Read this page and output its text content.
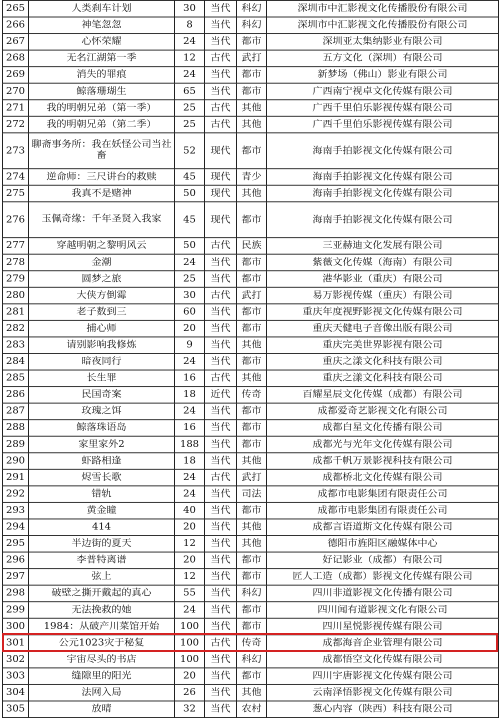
265	人类刹车计划	30	当代	科幻	深圳市中汇影视文化传播股份有限公司
266	神笔忽忽	8	当代	科幻	深圳市中汇影视文化传播股份有限公司
267	心怀荣耀	24	当代	都市	深圳亚太集纳影业有限公司
268	无名江湖第一季	12	古代	武打	五方文化（深圳）有限公司
269	消失的罪痕	24	当代	都市	新梦场（佛山）影业有限公司
270	鲸落珊瑚生	65	当代	都市	广西南宁视卓文化传媒有限公司
271	我的明朝兄弟（第一季）	25	古代	其他	广西千里伯乐影视传媒有限公司
272	我的明朝兄弟（第二季）	25	古代	其他	广西千里伯乐影视传媒有限公司
273	聊斋事务所：我在妖怪公司当社畜	52	现代	都市	海南手拍影视文化传媒有限公司
274	逆命师：三尺讲台的救赎	45	现代	青少	海南手拍影视文化传媒有限公司
275	我真不是赌神	50	现代	其他	海南手拍影视文化传媒有限公司
276	玉佩奇缘：千年圣贤入我家	45	现代	都市	海南手拍影视文化传媒有限公司
277	穿越明朝之黎明风云	50	古代	民族	三亚赫迪文化发展有限公司
278	金潮	24	当代	都市	紫薇文化传媒（海南）有限公司
279	圆梦之旅	25	当代	都市	港华影业（重庆）有限公司
280	大侠方倒霉	30	古代	武打	易万影视传媒（重庆）有限公司
281	老子数到三	60	当代	都市	重庆年度视野影视文化传媒有限公司
282	捕心师	20	当代	都市	重庆天健电子音像出版有限公司
283	请别影响我修炼	9	当代	其他	重庆完美世界影视有限公司
284	暗夜同行	24	当代	都市	重庆之漾文化科技有限公司
285	长生罪	16	古代	其他	重庆之漾文化科技有限公司
286	民国奇案	18	近代	传奇	百耀星辰文化传媒（成都）有限公司
287	玫瑰之饵	24	当代	都市	成都爱奇艺影视文化有限公司
288	鲸落珠语岛	16	当代	都市	成都白星文化传播有限公司
289	家里家外2	188	当代	都市	成都光与光年文化传媒有限公司
290	虾路相逢	18	当代	其他	成都千帆万景影视科技有限公司
291	烬雪长歌	24	古代	武打	成都桥北文化传媒有限公司
292	错轨	24	当代	司法	成都市电影集团有限责任公司
293	黄金瞳	40	当代	都市	成都市电影集团有限责任公司
294	414	20	当代	其他	成都言语道斯文化传媒有限公司
295	半边街的夏天	12	当代	其他	德阳市旌阳区融媒体中心
296	李普特离谱	20	当代	都市	好记影业（成都）有限公司
297	弦上	12	当代	都市	匠人工造（成都）影视文化传媒有限公司
298	破壁之撕开戴起的真心	55	当代	科幻	四川非道影视文化传播有限公司
299	无法挽救的她	24	当代	都市	四川闻有道影视文化有限公司
300	1984：从破产川菜馆开始	100	当代	都市	四川星悦影视传媒有限公司
301	公元1023灾于秘复	100	古代	传奇	成都海音企业管理有限公司
302	宇宙尽头的书店	100	当代	科幻	成都悟空文化传媒有限公司
303	缝隙里的阳光	20	当代	都市	四川宇唐影视文化传媒有限公司
304	法网入局	26	当代	其他	云南泽悟影视文化传媒有限公司
305	放晴	32	当代	农村	葱心内容（陕西）科技有限公司
